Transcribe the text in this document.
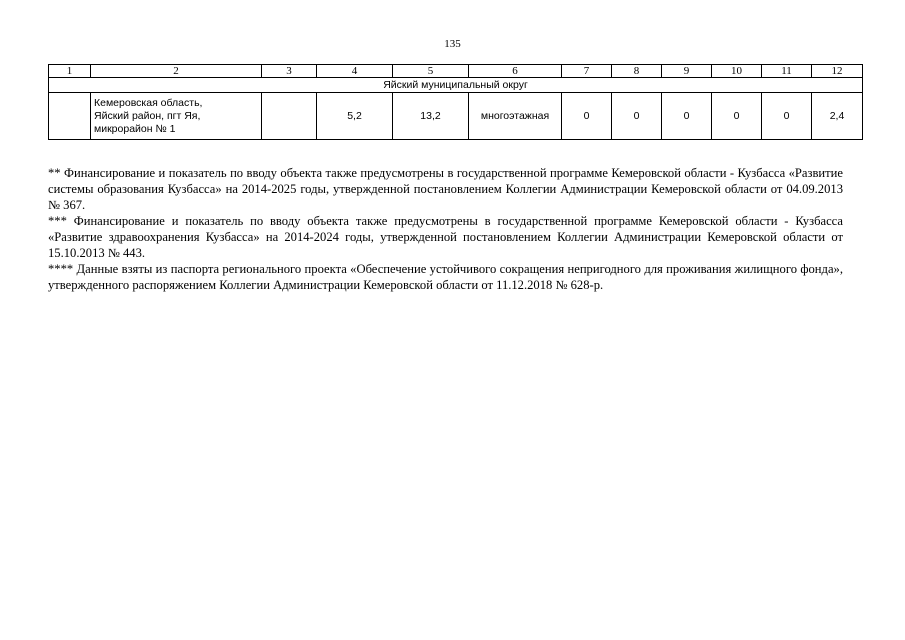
135
1	2	3	4	5	6	7	8	9	10	11	12
Яйский муниципальный округ											

	Кемеровская область,
Яйский район, пгт Яя,
микрорайон № 1		5,2	13,2	многоэтажная	0	0	0	0	0	2,4

** Финансирование и показатель по вводу объекта также предусмотрены в государственной программе Кемеровской области - Кузбасса «Развитие системы образования Кузбасса» на 2014-2025 годы, утвержденной постановлением Коллегии Администрации Кемеровской области от 04.09.2013 № 367.

*** Финансирование и показатель по вводу объекта также предусмотрены в государственной программе Кемеровской области - Кузбасса «Развитие здравоохранения Кузбасса» на 2014-2024 годы, утвержденной постановлением Коллегии Администрации Кемеровской области от 15.10.2013 № 443.

**** Данные взяты из паспорта регионального проекта «Обеспечение устойчивого сокращения непригодного для проживания жилищного фонда», утвержденного распоряжением Коллегии Администрации Кемеровской области от 11.12.2018 № 628-р.
